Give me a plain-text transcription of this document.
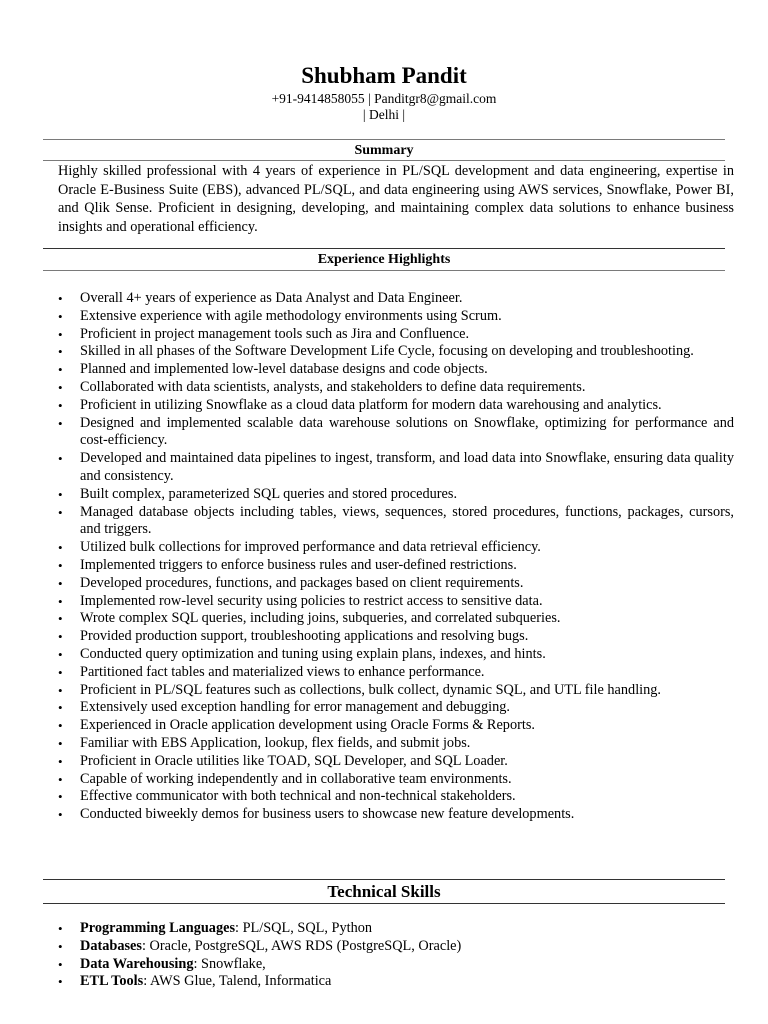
Shubham Pandit
+91-9414858055 | Panditgr8@gmail.com
| Delhi |
Summary

Highly skilled professional with 4 years of experience in PL/SQL development and data engineering, expertise in Oracle E-Business Suite (EBS), advanced PL/SQL, and data engineering using AWS services, Snowflake, Power BI, and Qlik Sense. Proficient in designing, developing, and maintaining complex data solutions to enhance business insights and operational efficiency.

Experience Highlights
• Overall 4+ years of experience as Data Analyst and Data Engineer.
• Extensive experience with agile methodology environments using Scrum.
• Proficient in project management tools such as Jira and Confluence.
• Skilled in all phases of the Software Development Life Cycle, focusing on developing and troubleshooting.
• Planned and implemented low-level database designs and code objects.
• Collaborated with data scientists, analysts, and stakeholders to define data requirements.
• Proficient in utilizing Snowflake as a cloud data platform for modern data warehousing and analytics.
• Designed and implemented scalable data warehouse solutions on Snowflake, optimizing for performance and cost-efficiency.
• Developed and maintained data pipelines to ingest, transform, and load data into Snowflake, ensuring data quality and consistency.
• Built complex, parameterized SQL queries and stored procedures.
• Managed database objects including tables, views, sequences, stored procedures, functions, packages, cursors, and triggers.
• Utilized bulk collections for improved performance and data retrieval efficiency.
• Implemented triggers to enforce business rules and user-defined restrictions.
• Developed procedures, functions, and packages based on client requirements.
• Implemented row-level security using policies to restrict access to sensitive data.
• Wrote complex SQL queries, including joins, subqueries, and correlated subqueries.
• Provided production support, troubleshooting applications and resolving bugs.
• Conducted query optimization and tuning using explain plans, indexes, and hints.
• Partitioned fact tables and materialized views to enhance performance.
• Proficient in PL/SQL features such as collections, bulk collect, dynamic SQL, and UTL file handling.
• Extensively used exception handling for error management and debugging.
• Experienced in Oracle application development using Oracle Forms & Reports.
• Familiar with EBS Application, lookup, flex fields, and submit jobs.
• Proficient in Oracle utilities like TOAD, SQL Developer, and SQL Loader.
• Capable of working independently and in collaborative team environments.
• Effective communicator with both technical and non-technical stakeholders.
• Conducted biweekly demos for business users to showcase new feature developments.
Technical Skills
• Programming Languages: PL/SQL, SQL, Python
• Databases: Oracle, PostgreSQL, AWS RDS (PostgreSQL, Oracle)
• Data Warehousing: Snowflake,
• ETL Tools: AWS Glue, Talend, Informatica
